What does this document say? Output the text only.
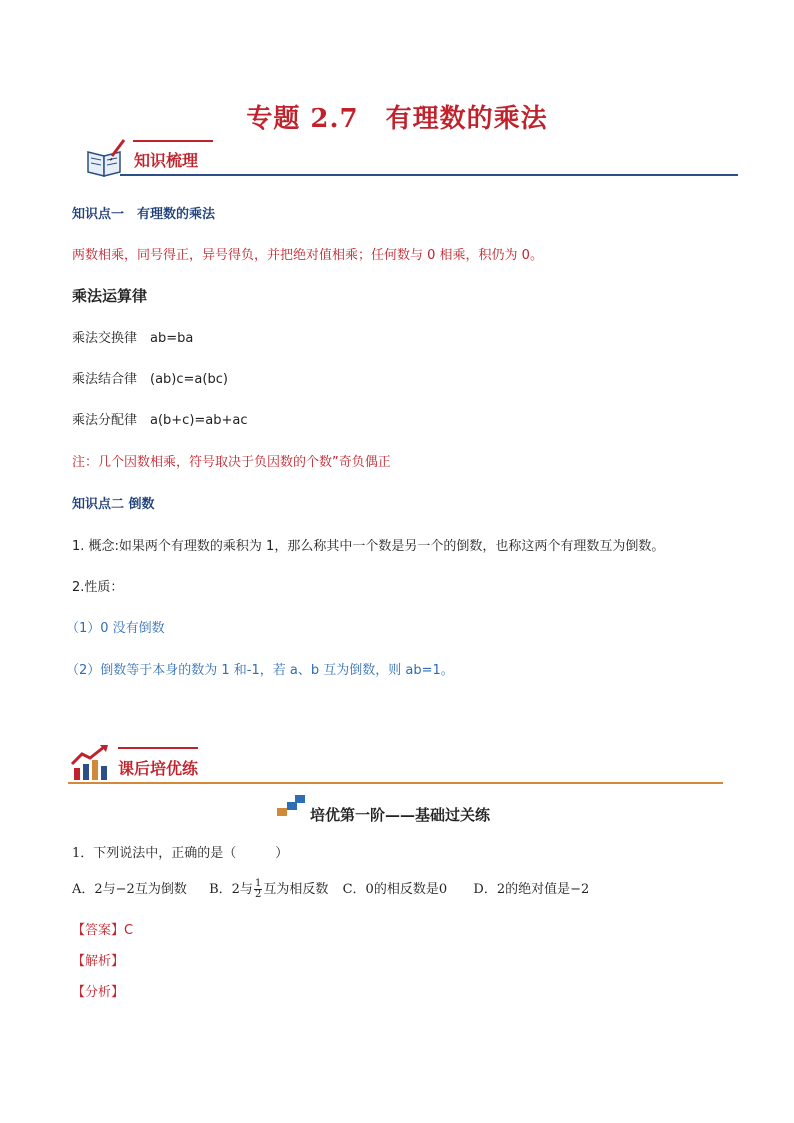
专题 2.7　有理数的乘法
知识梳理
知识点一　有理数的乘法
两数相乘，同号得正，异号得负，并把绝对值相乘；任何数与 0 相乘，积仍为 0。
乘法运算律
乘法交换律　ab=ba
乘法结合律　(ab)c=a(bc)
乘法分配律　a(b+c)=ab+ac
注：几个因数相乘，符号取决于负因数的个数”奇负偶正
知识点二 倒数
1. 概念:如果两个有理数的乘积为 1，那么称其中一个数是另一个的倒数，也称这两个有理数互为倒数。
2.性质：
（1）0 没有倒数
（2）倒数等于本身的数为 1 和-1，若 a、b 互为倒数，则 ab=1。
课后培优练
培优第一阶——基础过关练
1．下列说法中，正确的是（　　　）
A．2与−2互为倒数 B．2与 $\frac{1}{2}$ 互为相反数 C．0的相反数是0 D．2的绝对值是−2
【答案】C
【解析】
【分析】
